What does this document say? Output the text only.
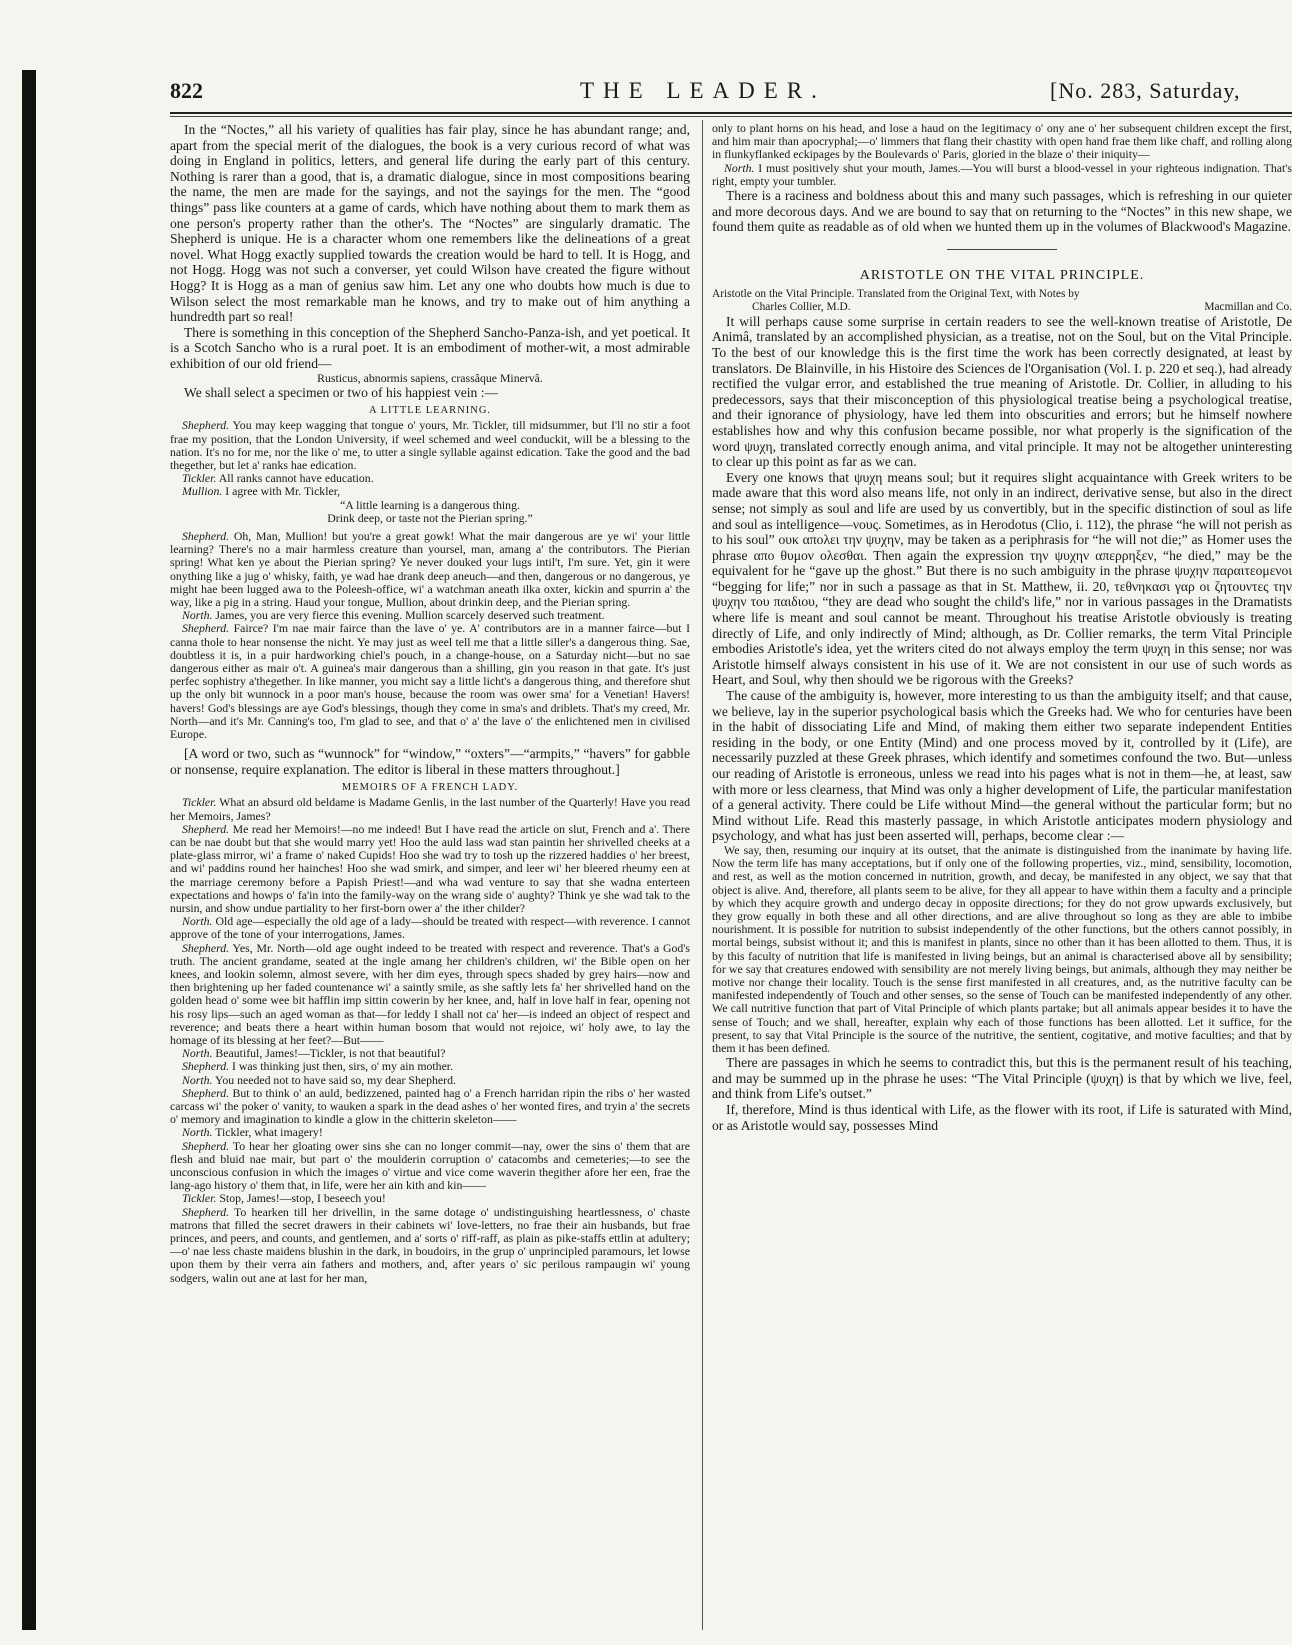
822	THE LEADER.	[No. 283, Saturday,

In the “Noctes,” all his variety of qualities has fair play, since he has abundant range; and, apart from the special merit of the dialogues, the book is a very curious record of what was doing in England in politics, letters, and general life during the early part of this century. Nothing is rarer than a good, that is, a dramatic dialogue, since in most compositions bearing the name, the men are made for the sayings, and not the sayings for the men. The “good things” pass like counters at a game of cards, which have nothing about them to mark them as one person's property rather than the other's. The “Noctes” are singularly dramatic. The Shepherd is unique. He is a character whom one remembers like the delineations of a great novel. What Hogg exactly supplied towards the creation would be hard to tell. It is Hogg, and not Hogg. Hogg was not such a converser, yet could Wilson have created the figure without Hogg? It is Hogg as a man of genius saw him. Let any one who doubts how much is due to Wilson select the most remarkable man he knows, and try to make out of him anything a hundredth part so real!

There is something in this conception of the Shepherd Sancho-Panza-ish, and yet poetical. It is a Scotch Sancho who is a rural poet. It is an embodiment of mother-wit, a most admirable exhibition of our old friend—

Rusticus, abnormis sapiens, crassâque Minervâ.

We shall select a specimen or two of his happiest vein :—

A LITTLE LEARNING.

Shepherd. You may keep wagging that tongue o' yours, Mr. Tickler, till midsummer, but I'll no stir a foot frae my position, that the London University, if weel schemed and weel conduckit, will be a blessing to the nation. It's no for me, nor the like o' me, to utter a single syllable against edication. Take the good and the bad thegether, but let a' ranks hae edication.

Tickler. All ranks cannot have education.

Mullion. I agree with Mr. Tickler,

“A little learning is a dangerous thing.

Drink deep, or taste not the Pierian spring.”

Shepherd. Oh, Man, Mullion! but you're a great gowk! What the mair dangerous are ye wi' your little learning? There's no a mair harmless creature than yoursel, man, amang a' the contributors. The Pierian spring! What ken ye about the Pierian spring? Ye never douked your lugs intil't, I'm sure. Yet, gin it were onything like a jug o' whisky, faith, ye wad hae drank deep aneuch—and then, dangerous or no dangerous, ye might hae been lugged awa to the Poleesh-office, wi' a watchman aneath ilka oxter, kickin and spurrin a' the way, like a pig in a string. Haud your tongue, Mullion, about drinkin deep, and the Pierian spring.

North. James, you are very fierce this evening. Mullion scarcely deserved such treatment.

Shepherd. Fairce? I'm nae mair fairce than the lave o' ye. A' contributors are in a manner fairce—but I canna thole to hear nonsense the nicht. Ye may just as weel tell me that a little siller's a dangerous thing. Sae, doubtless it is, in a puir hardworking chiel's pouch, in a change-house, on a Saturday nicht—but no sae dangerous either as mair o't. A guinea's mair dangerous than a shilling, gin you reason in that gate. It's just perfec sophistry a'thegether. In like manner, you micht say a little licht's a dangerous thing, and therefore shut up the only bit wunnock in a poor man's house, because the room was ower sma' for a Venetian! Havers! havers! God's blessings are aye God's blessings, though they come in sma's and driblets. That's my creed, Mr. North—and it's Mr. Canning's too, I'm glad to see, and that o' a' the lave o' the enlichtened men in civilised Europe.

[A word or two, such as “wunnock” for “window,” “oxters”—“armpits,” “havers” for gabble or nonsense, require explanation. The editor is liberal in these matters throughout.]

MEMOIRS OF A FRENCH LADY.

Tickler. What an absurd old beldame is Madame Genlis, in the last number of the Quarterly! Have you read her Memoirs, James?

Shepherd. Me read her Memoirs!—no me indeed! But I have read the article on slut, French and a'. There can be nae doubt but that she would marry yet! Hoo the auld lass wad stan paintin her shrivelled cheeks at a plate-glass mirror, wi' a frame o' naked Cupids! Hoo she wad try to tosh up the rizzered haddies o' her breest, and wi' paddins round her hainches! Hoo she wad smirk, and simper, and leer wi' her bleered rheumy een at the marriage ceremony before a Papish Priest!—and wha wad venture to say that she wadna enterteen expectations and howps o' fa'in into the family-way on the wrang side o' aughty? Think ye she wad tak to the nursin, and show undue partiality to her first-born ower a' the ither childer?

North. Old age—especially the old age of a lady—should be treated with respect—with reverence. I cannot approve of the tone of your interrogations, James.

Shepherd. Yes, Mr. North—old age ought indeed to be treated with respect and reverence. That's a God's truth. The ancient grandame, seated at the ingle amang her children's children, wi' the Bible open on her knees, and lookin solemn, almost severe, with her dim eyes, through specs shaded by grey hairs—now and then brightening up her faded countenance wi' a saintly smile, as she saftly lets fa' her shrivelled hand on the golden head o' some wee bit hafflin imp sittin cowerin by her knee, and, half in love half in fear, opening not his rosy lips—such an aged woman as that—for leddy I shall not ca' her—is indeed an object of respect and reverence; and beats there a heart within human bosom that would not rejoice, wi' holy awe, to lay the homage of its blessing at her feet?—But——

North. Beautiful, James!—Tickler, is not that beautiful?

Shepherd. I was thinking just then, sirs, o' my ain mother.

North. You needed not to have said so, my dear Shepherd.

Shepherd. But to think o' an auld, bedizzened, painted hag o' a French harridan ripin the ribs o' her wasted carcass wi' the poker o' vanity, to wauken a spark in the dead ashes o' her wonted fires, and tryin a' the secrets o' memory and imagination to kindle a glow in the chitterin skeleton——

North. Tickler, what imagery!

Shepherd. To hear her gloating ower sins she can no longer commit—nay, ower the sins o' them that are flesh and bluid nae mair, but part o' the moulderin corruption o' catacombs and cemeteries;—to see the unconscious confusion in which the images o' virtue and vice come waverin thegither afore her een, frae the lang-ago history o' them that, in life, were her ain kith and kin——

Tickler. Stop, James!—stop, I beseech you!

Shepherd. To hearken till her drivellin, in the same dotage o' undistinguishing heartlessness, o' chaste matrons that filled the secret drawers in their cabinets wi' love-letters, no frae their ain husbands, but frae princes, and peers, and counts, and gentlemen, and a' sorts o' riff-raff, as plain as pike-staffs ettlin at adultery;—o' nae less chaste maidens blushin in the dark, in boudoirs, in the grup o' unprincipled paramours, let lowse upon them by their verra ain fathers and mothers, and, after years o' sic perilous rampaugin wi' young sodgers, walin out ane at last for her man,

only to plant horns on his head, and lose a haud on the legitimacy o' ony ane o' her subsequent children except the first, and him mair than apocryphal;—o' limmers that flang their chastity with open hand frae them like chaff, and rolling along in flunkyflanked eckipages by the Boulevards o' Paris, gloried in the blaze o' their iniquity—

North. I must positively shut your mouth, James.—You will burst a blood-vessel in your righteous indignation. That's right, empty your tumbler.

There is a raciness and boldness about this and many such passages, which is refreshing in our quieter and more decorous days. And we are bound to say that on returning to the “Noctes” in this new shape, we found them quite as readable as of old when we hunted them up in the volumes of Blackwood's Magazine.

ARISTOTLE ON THE VITAL PRINCIPLE.

Aristotle on the Vital Principle. Translated from the Original Text, with Notes by

Charles Collier, M.D.	Macmillan and Co.

It will perhaps cause some surprise in certain readers to see the well-known treatise of Aristotle, De Animâ, translated by an accomplished physician, as a treatise, not on the Soul, but on the Vital Principle. To the best of our knowledge this is the first time the work has been correctly designated, at least by translators. De Blainville, in his Histoire des Sciences de l'Organisation (Vol. I. p. 220 et seq.), had already rectified the vulgar error, and established the true meaning of Aristotle. Dr. Collier, in alluding to his predecessors, says that their misconception of this physiological treatise being a psychological treatise, and their ignorance of physiology, have led them into obscurities and errors; but he himself nowhere establishes how and why this confusion became possible, nor what properly is the signification of the word ψυχη, translated correctly enough anima, and vital principle. It may not be altogether uninteresting to clear up this point as far as we can.

Every one knows that ψυχη means soul; but it requires slight acquaintance with Greek writers to be made aware that this word also means life, not only in an indirect, derivative sense, but also in the direct sense; not simply as soul and life are used by us convertibly, but in the specific distinction of soul as life and soul as intelligence—νους. Sometimes, as in Herodotus (Clio, i. 112), the phrase “he will not perish as to his soul” ουκ απολει την ψυχην, may be taken as a periphrasis for “he will not die;” as Homer uses the phrase απο θυμον ολεσθαι. Then again the expression την ψυχην απερρηξεν, “he died,” may be the equivalent for he “gave up the ghost.” But there is no such ambiguity in the phrase ψυχην παραιτεομενοι “begging for life;” nor in such a passage as that in St. Matthew, ii. 20, τεθνηκασι γαρ οι ζητουντες την ψυχην του παιδιου, “they are dead who sought the child's life,” nor in various passages in the Dramatists where life is meant and soul cannot be meant. Throughout his treatise Aristotle obviously is treating directly of Life, and only indirectly of Mind; although, as Dr. Collier remarks, the term Vital Principle embodies Aristotle's idea, yet the writers cited do not always employ the term ψυχη in this sense; nor was Aristotle himself always consistent in his use of it. We are not consistent in our use of such words as Heart, and Soul, why then should we be rigorous with the Greeks?

The cause of the ambiguity is, however, more interesting to us than the ambiguity itself; and that cause, we believe, lay in the superior psychological basis which the Greeks had. We who for centuries have been in the habit of dissociating Life and Mind, of making them either two separate independent Entities residing in the body, or one Entity (Mind) and one process moved by it, controlled by it (Life), are necessarily puzzled at these Greek phrases, which identify and sometimes confound the two. But—unless our reading of Aristotle is erroneous, unless we read into his pages what is not in them—he, at least, saw with more or less clearness, that Mind was only a higher development of Life, the particular manifestation of a general activity. There could be Life without Mind—the general without the particular form; but no Mind without Life. Read this masterly passage, in which Aristotle anticipates modern physiology and psychology, and what has just been asserted will, perhaps, become clear :—

We say, then, resuming our inquiry at its outset, that the animate is distinguished from the inanimate by having life. Now the term life has many acceptations, but if only one of the following properties, viz., mind, sensibility, locomotion, and rest, as well as the motion concerned in nutrition, growth, and decay, be manifested in any object, we say that that object is alive. And, therefore, all plants seem to be alive, for they all appear to have within them a faculty and a principle by which they acquire growth and undergo decay in opposite directions; for they do not grow upwards exclusively, but they grow equally in both these and all other directions, and are alive throughout so long as they are able to imbibe nourishment. It is possible for nutrition to subsist independently of the other functions, but the others cannot possibly, in mortal beings, subsist without it; and this is manifest in plants, since no other than it has been allotted to them. Thus, it is by this faculty of nutrition that life is manifested in living beings, but an animal is characterised above all by sensibility; for we say that creatures endowed with sensibility are not merely living beings, but animals, although they may neither be motive nor change their locality. Touch is the sense first manifested in all creatures, and, as the nutritive faculty can be manifested independently of Touch and other senses, so the sense of Touch can be manifested independently of any other. We call nutritive function that part of Vital Principle of which plants partake; but all animals appear besides it to have the sense of Touch; and we shall, hereafter, explain why each of those functions has been allotted. Let it suffice, for the present, to say that Vital Principle is the source of the nutritive, the sentient, cogitative, and motive faculties; and that by them it has been defined.

There are passages in which he seems to contradict this, but this is the permanent result of his teaching, and may be summed up in the phrase he uses: “The Vital Principle (ψυχη) is that by which we live, feel, and think from Life's outset.”

If, therefore, Mind is thus identical with Life, as the flower with its root, if Life is saturated with Mind, or as Aristotle would say, possesses Mind
